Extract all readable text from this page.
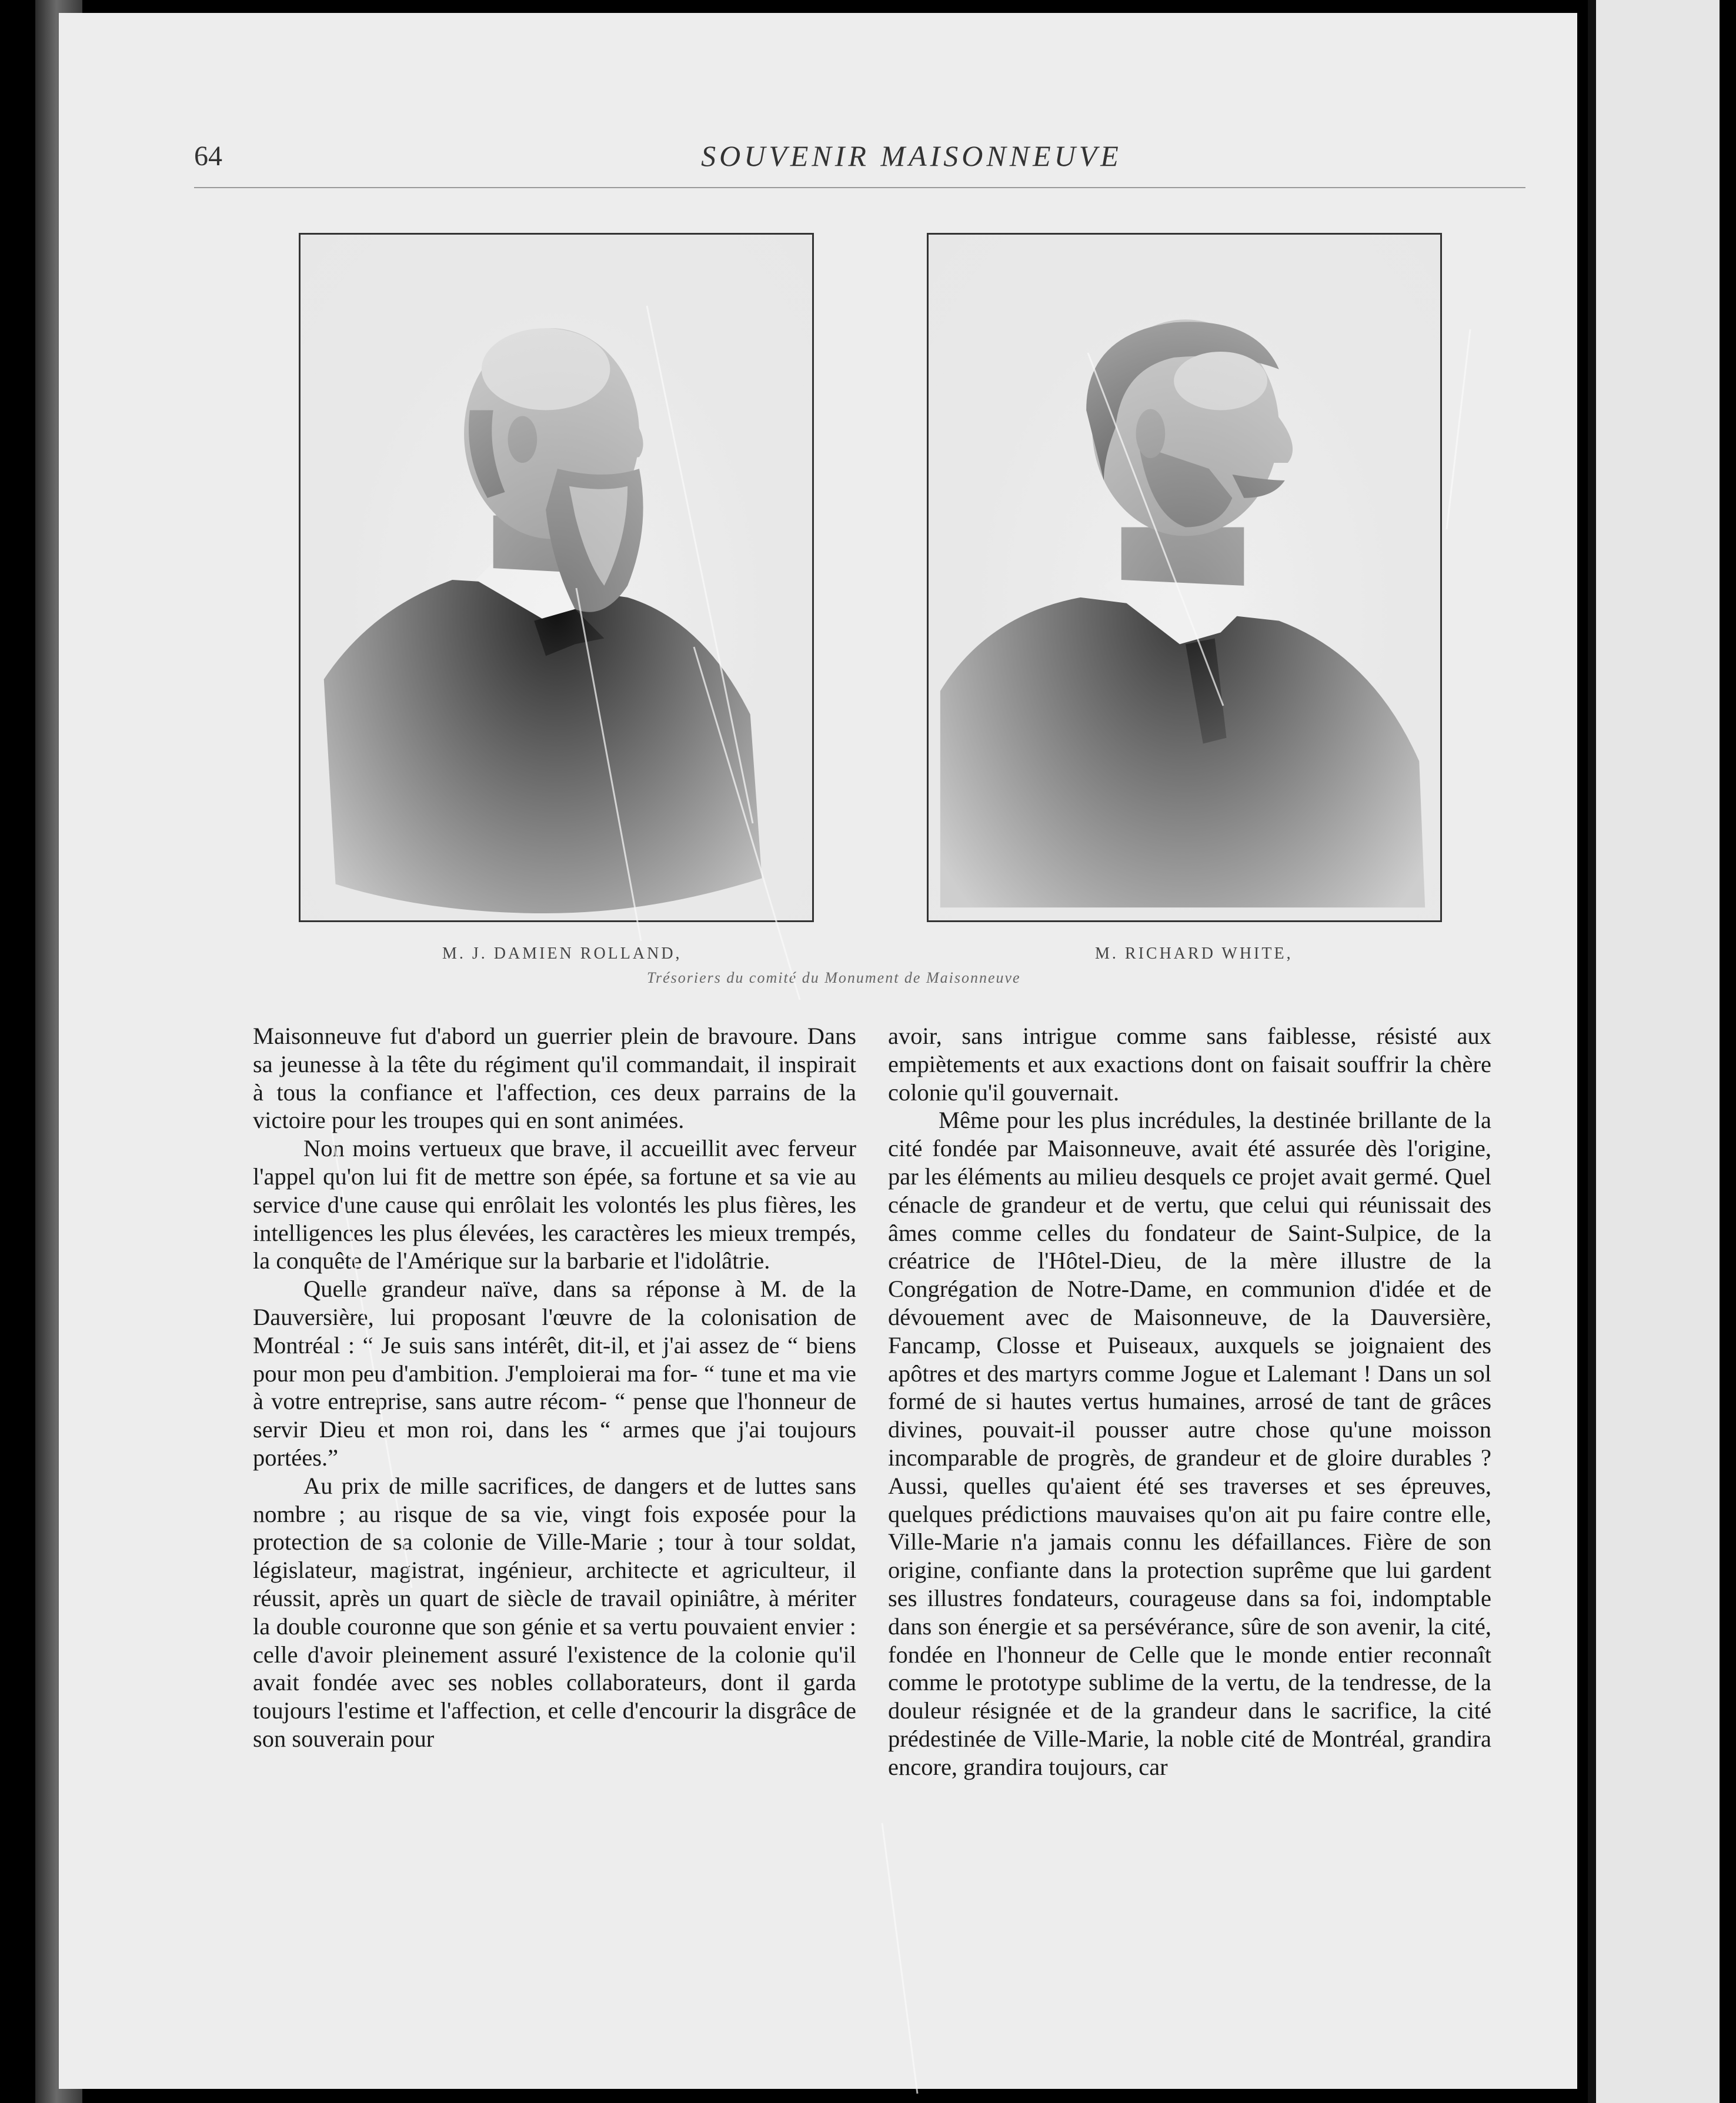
64	SOUVENIR MAISONNEUVE
M. J. DAMIEN ROLLAND,	M. RICHARD WHITE,
Trésoriers du comité du Monument de Maisonneuve

Maisonneuve fut d'abord un guerrier plein de bravoure. Dans sa jeunesse à la tête du régiment qu'il commandait, il inspirait à tous la confiance et l'affection, ces deux parrains de la victoire pour les troupes qui en sont animées.

Non moins vertueux que brave, il accueillit avec ferveur l'appel qu'on lui fit de mettre son épée, sa fortune et sa vie au service d'une cause qui enrôlait les volontés les plus fières, les intelligences les plus élevées, les caractères les mieux trempés, la conquête de l'Amérique sur la barbarie et l'idolâtrie.

Quelle grandeur naïve, dans sa réponse à M. de la Dauversière, lui proposant l'œuvre de la colonisation de Montréal : “ Je suis sans intérêt, dit-il, et j'ai assez de “ biens pour mon peu d'ambition. J'emploierai ma for- “ tune et ma vie à votre entreprise, sans autre récom- “ pense que l'honneur de servir Dieu et mon roi, dans les “ armes que j'ai toujours portées.”

Au prix de mille sacrifices, de dangers et de luttes sans nombre ; au risque de sa vie, vingt fois exposée pour la protection de sa colonie de Ville-Marie ; tour à tour soldat, législateur, magistrat, ingénieur, architecte et agriculteur, il réussit, après un quart de siècle de travail opiniâtre, à mériter la double couronne que son génie et sa vertu pouvaient envier : celle d'avoir pleinement assuré l'existence de la colonie qu'il avait fondée avec ses nobles collaborateurs, dont il garda toujours l'estime et l'affection, et celle d'encourir la disgrâce de son souverain pour

avoir, sans intrigue comme sans faiblesse, résisté aux empiètements et aux exactions dont on faisait souffrir la chère colonie qu'il gouvernait.

Même pour les plus incrédules, la destinée brillante de la cité fondée par Maisonneuve, avait été assurée dès l'origine, par les éléments au milieu desquels ce projet avait germé. Quel cénacle de grandeur et de vertu, que celui qui réunissait des âmes comme celles du fondateur de Saint-Sulpice, de la créatrice de l'Hôtel-Dieu, de la mère illustre de la Congrégation de Notre-Dame, en communion d'idée et de dévouement avec de Maisonneuve, de la Dauversière, Fancamp, Closse et Puiseaux, auxquels se joignaient des apôtres et des martyrs comme Jogue et Lalemant ! Dans un sol formé de si hautes vertus humaines, arrosé de tant de grâces divines, pouvait-il pousser autre chose qu'une moisson incomparable de progrès, de grandeur et de gloire durables ? Aussi, quelles qu'aient été ses traverses et ses épreuves, quelques prédictions mauvaises qu'on ait pu faire contre elle, Ville-Marie n'a jamais connu les défaillances. Fière de son origine, confiante dans la protection suprême que lui gardent ses illustres fondateurs, courageuse dans sa foi, indomptable dans son énergie et sa persévérance, sûre de son avenir, la cité, fondée en l'honneur de Celle que le monde entier reconnaît comme le prototype sublime de la vertu, de la tendresse, de la douleur résignée et de la grandeur dans le sacrifice, la cité prédestinée de Ville-Marie, la noble cité de Montréal, grandira encore, grandira toujours, car
